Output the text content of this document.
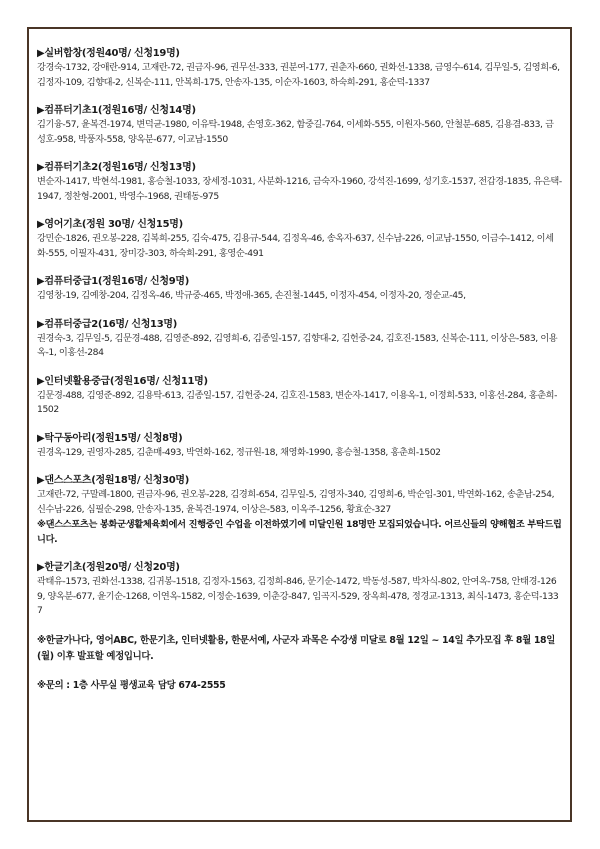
▶실버합창(정원40명/ 신청19명)
강경숙-1732, 강애란-914, 고재란-72, 권금자-96, 권무선-333, 권분여-177, 권춘자-660, 권화선-1338, 금영수-614, 김무일-5, 김영희-6, 김정자-109, 김향대-2, 신복순-111, 안복희-175, 안송자-135, 이순자-1603, 하숙희-291, 홍순덕-1337
▶컴퓨터기초1(정원16명/ 신청14명)
김기융-57, 윤복견-1974, 변덕균-1980, 이유탁-1948, 손영호-362, 함중길-764, 이세화-555, 이원자-560, 안철분-685, 김용겸-833, 금성호-958, 박풍자-558, 양옥분-677, 이교남-1550
▶컴퓨터기초2(정원16명/ 신청13명)
변순자-1417, 박현석-1981, 홍승철-1033, 장세정-1031, 사분화-1216, 금숙자-1960, 강석진-1699, 성기호-1537, 전갑경-1835, 유은택-1947, 정찬형-2001, 박영수-1968, 권태동-975
▶영어기초(정원 30명/ 신청15명)
강민순-1826, 권오봉-228, 김복희-255, 김숙-475, 김용규-544, 김정옥-46, 송옥자-637, 신수남-226, 이교남-1550, 이금수-1412, 이세화-555, 이필자-431, 장미강-303, 하숙희-291, 홍영순-491
▶컴퓨터중급1(정원16명/ 신청9명)
김영창-19, 김예창-204, 김정옥-46, 박규중-465, 박정애-365, 손진철-1445, 이정자-454, 이정자-20, 정순교-45,
▶컴퓨터중급2(16명/ 신청13명)
권경숙-3, 김무일-5, 김문경-488, 김영준-892, 김영희-6, 김종일-157, 김향대-2, 김헌중-24, 김호진-1583, 신복순-111, 이상은-583, 이용옥-1, 이홍선-284
▶인터넷활용중급(정원16명/ 신청11명)
김문경-488, 김영준-892, 김용탁-613, 김종일-157, 김헌중-24, 김호진-1583, 변순자-1417, 이용옥-1, 이정희-533, 이홍선-284, 홍춘희-1502
▶탁구동아리(정원15명/ 신청8명)
권경옥-129, 권영자-285, 김춘매-493, 박연화-162, 정규원-18, 채영화-1990, 홍승철-1358, 홍춘희-1502
▶댄스스포츠(정원18명/ 신청30명)
고재란-72, 구말례-1800, 권금자-96, 권오봉-228, 김경희-654, 김무일-5, 김영자-340, 김영희-6, 박순임-301, 박연화-162, 송춘남-254, 신수남-226, 심필순-298, 안송자-135, 윤복견-1974, 이상은-583, 이옥주-1256, 황효순-327
※댄스스포츠는 봉화군생활체육회에서 진행중인 수업을 이전하였기에 미달인원 18명만 모집되었습니다. 어르신들의 양해협조 부탁드립니다.
▶한글기초(정원20명/ 신청20명)
곽태유-1573, 권화선-1338, 김귀봉-1518, 김정자-1563, 김정희-846, 문기순-1472, 박동성-587, 박차식-802, 안여옥-758, 안태경-1269, 양옥분-677, 윤기순-1268, 이연옥-1582, 이정순-1639, 이춘강-847, 임곡지-529, 장옥희-478, 정경교-1313, 최식-1473, 홍순덕-1337
※한글가나다, 영어ABC, 한문기초, 인터넷활용, 한문서예, 사군자 과목은 수강생 미달로 8월 12일 ~ 14일 추가모집 후 8월 18일(월) 이후 발표할 예정입니다.
※문의 : 1층 사무실 평생교육 담당 674-2555
